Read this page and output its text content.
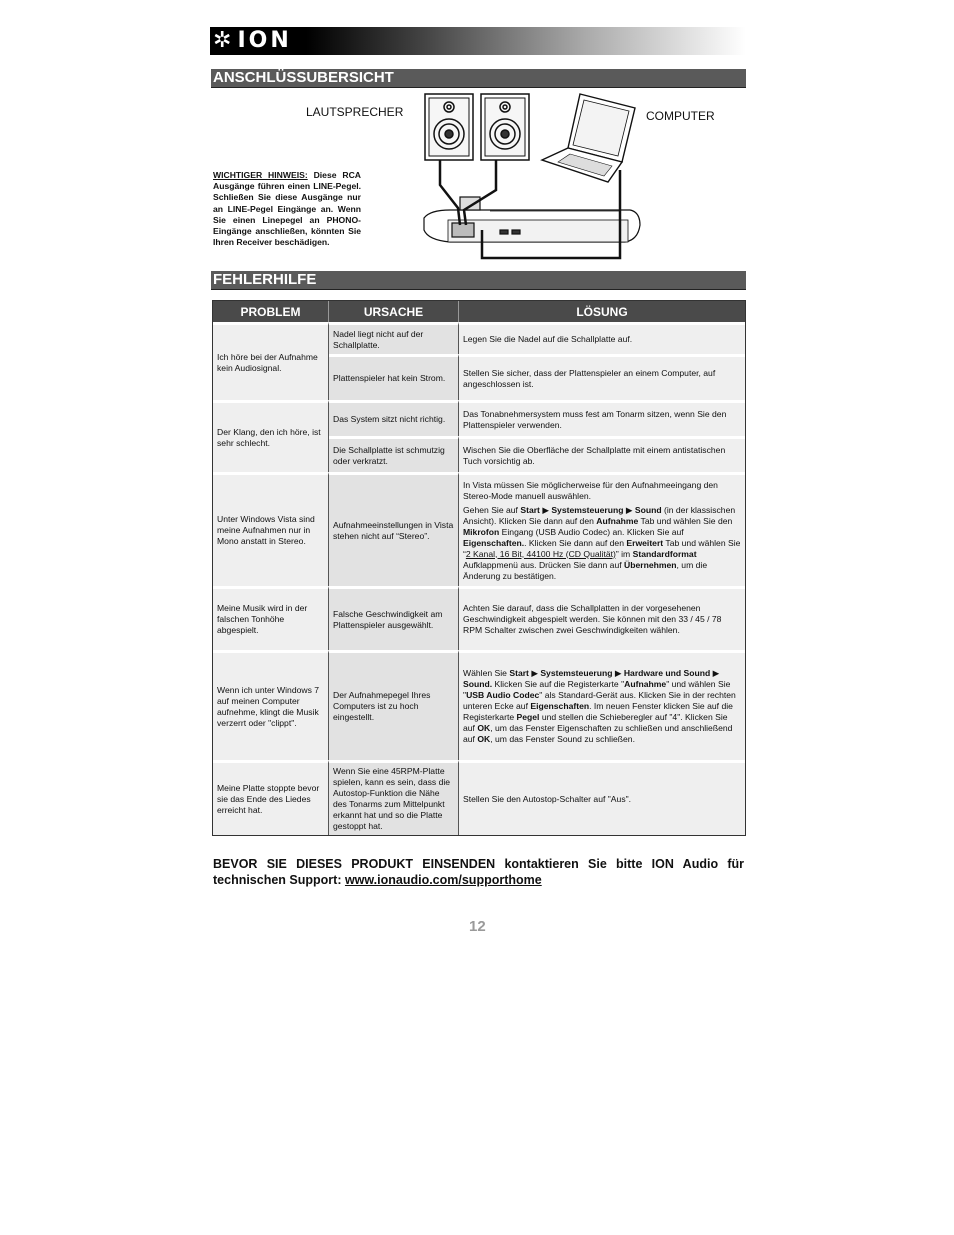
✲ ION
ANSCHLÜSSUBERSICHT
LAUTSPRECHER	COMPUTER
WICHTIGER HINWEIS: Diese RCA Ausgänge führen einen LINE-Pegel. Schließen Sie diese Ausgänge nur an LINE-Pegel Eingänge an. Wenn Sie einen Linepegel an PHONO-Eingänge anschließen, könnten Sie Ihren Receiver beschädigen.
FEHLERHILFE
PROBLEM	URSACHE	LÖSUNG
Ich höre bei der Aufnahme kein Audiosignal.	Nadel liegt nicht auf der Schallplatte.	Legen Sie die Nadel auf die Schallplatte auf.
	Plattenspieler hat kein Strom.	Stellen Sie sicher, dass der Plattenspieler an einem Computer, auf angeschlossen ist.
Der Klang, den ich höre, ist sehr schlecht.	Das System sitzt nicht richtig.	Das Tonabnehmersystem muss fest am Tonarm sitzen, wenn Sie den Plattenspieler verwenden.
	Die Schallplatte ist schmutzig oder verkratzt.	Wischen Sie die Oberfläche der Schallplatte mit einem antistatischen Tuch vorsichtig ab.
Unter Windows Vista sind meine Aufnahmen nur in Mono anstatt in Stereo.	Aufnahmeeinstellungen in Vista stehen nicht auf “Stereo”.	In Vista müssen Sie möglicherweise für den Aufnahmeeingang den Stereo-Mode manuell auswählen.

Gehen Sie auf Start ▶ Systemsteuerung ▶ Sound (in der klassischen Ansicht). Klicken Sie dann auf den Aufnahme Tab und wählen Sie den Mikrofon Eingang (USB Audio Codec) an. Klicken Sie auf Eigenschaften.. Klicken Sie dann auf den Erweitert Tab und wählen Sie “2 Kanal, 16 Bit, 44100 Hz (CD Qualität)” im Standardformat Aufklappmenü aus. Drücken Sie dann auf Übernehmen, um die Änderung zu bestätigen.

Meine Musik wird in der falschen Tonhöhe abgespielt.	Falsche Geschwindigkeit am Plattenspieler ausgewählt.	Achten Sie darauf, dass die Schallplatten in der vorgesehenen Geschwindigkeit abgespielt werden. Sie können mit den 33 / 45 / 78 RPM Schalter zwischen zwei Geschwindigkeiten wählen.
Wenn ich unter Windows 7 auf meinen Computer aufnehme, klingt die Musik verzerrt oder "clippt".	Der Aufnahmepegel Ihres Computers ist zu hoch eingestellt.	Wählen Sie Start ▶ Systemsteuerung ▶ Hardware und Sound ▶ Sound. Klicken Sie auf die Registerkarte "Aufnahme" und wählen Sie "USB Audio Codec" als Standard-Gerät aus. Klicken Sie in der rechten unteren Ecke auf Eigenschaften. Im neuen Fenster klicken Sie auf die Registerkarte Pegel und stellen die Schieberegler auf "4". Klicken Sie auf OK, um das Fenster Eigenschaften zu schließen und anschließend auf OK, um das Fenster Sound zu schließen.
Meine Platte stoppte bevor sie das Ende des Liedes erreicht hat.	Wenn Sie eine 45RPM-Platte spielen, kann es sein, dass die Autostop-Funktion die Nähe des Tonarms zum Mittelpunkt erkannt hat und so die Platte gestoppt hat.	Stellen Sie den Autostop-Schalter auf "Aus".
BEVOR SIE DIESES PRODUKT EINSENDEN kontaktieren Sie bitte ION Audio für technischen Support: www.ionaudio.com/supporthome
12
